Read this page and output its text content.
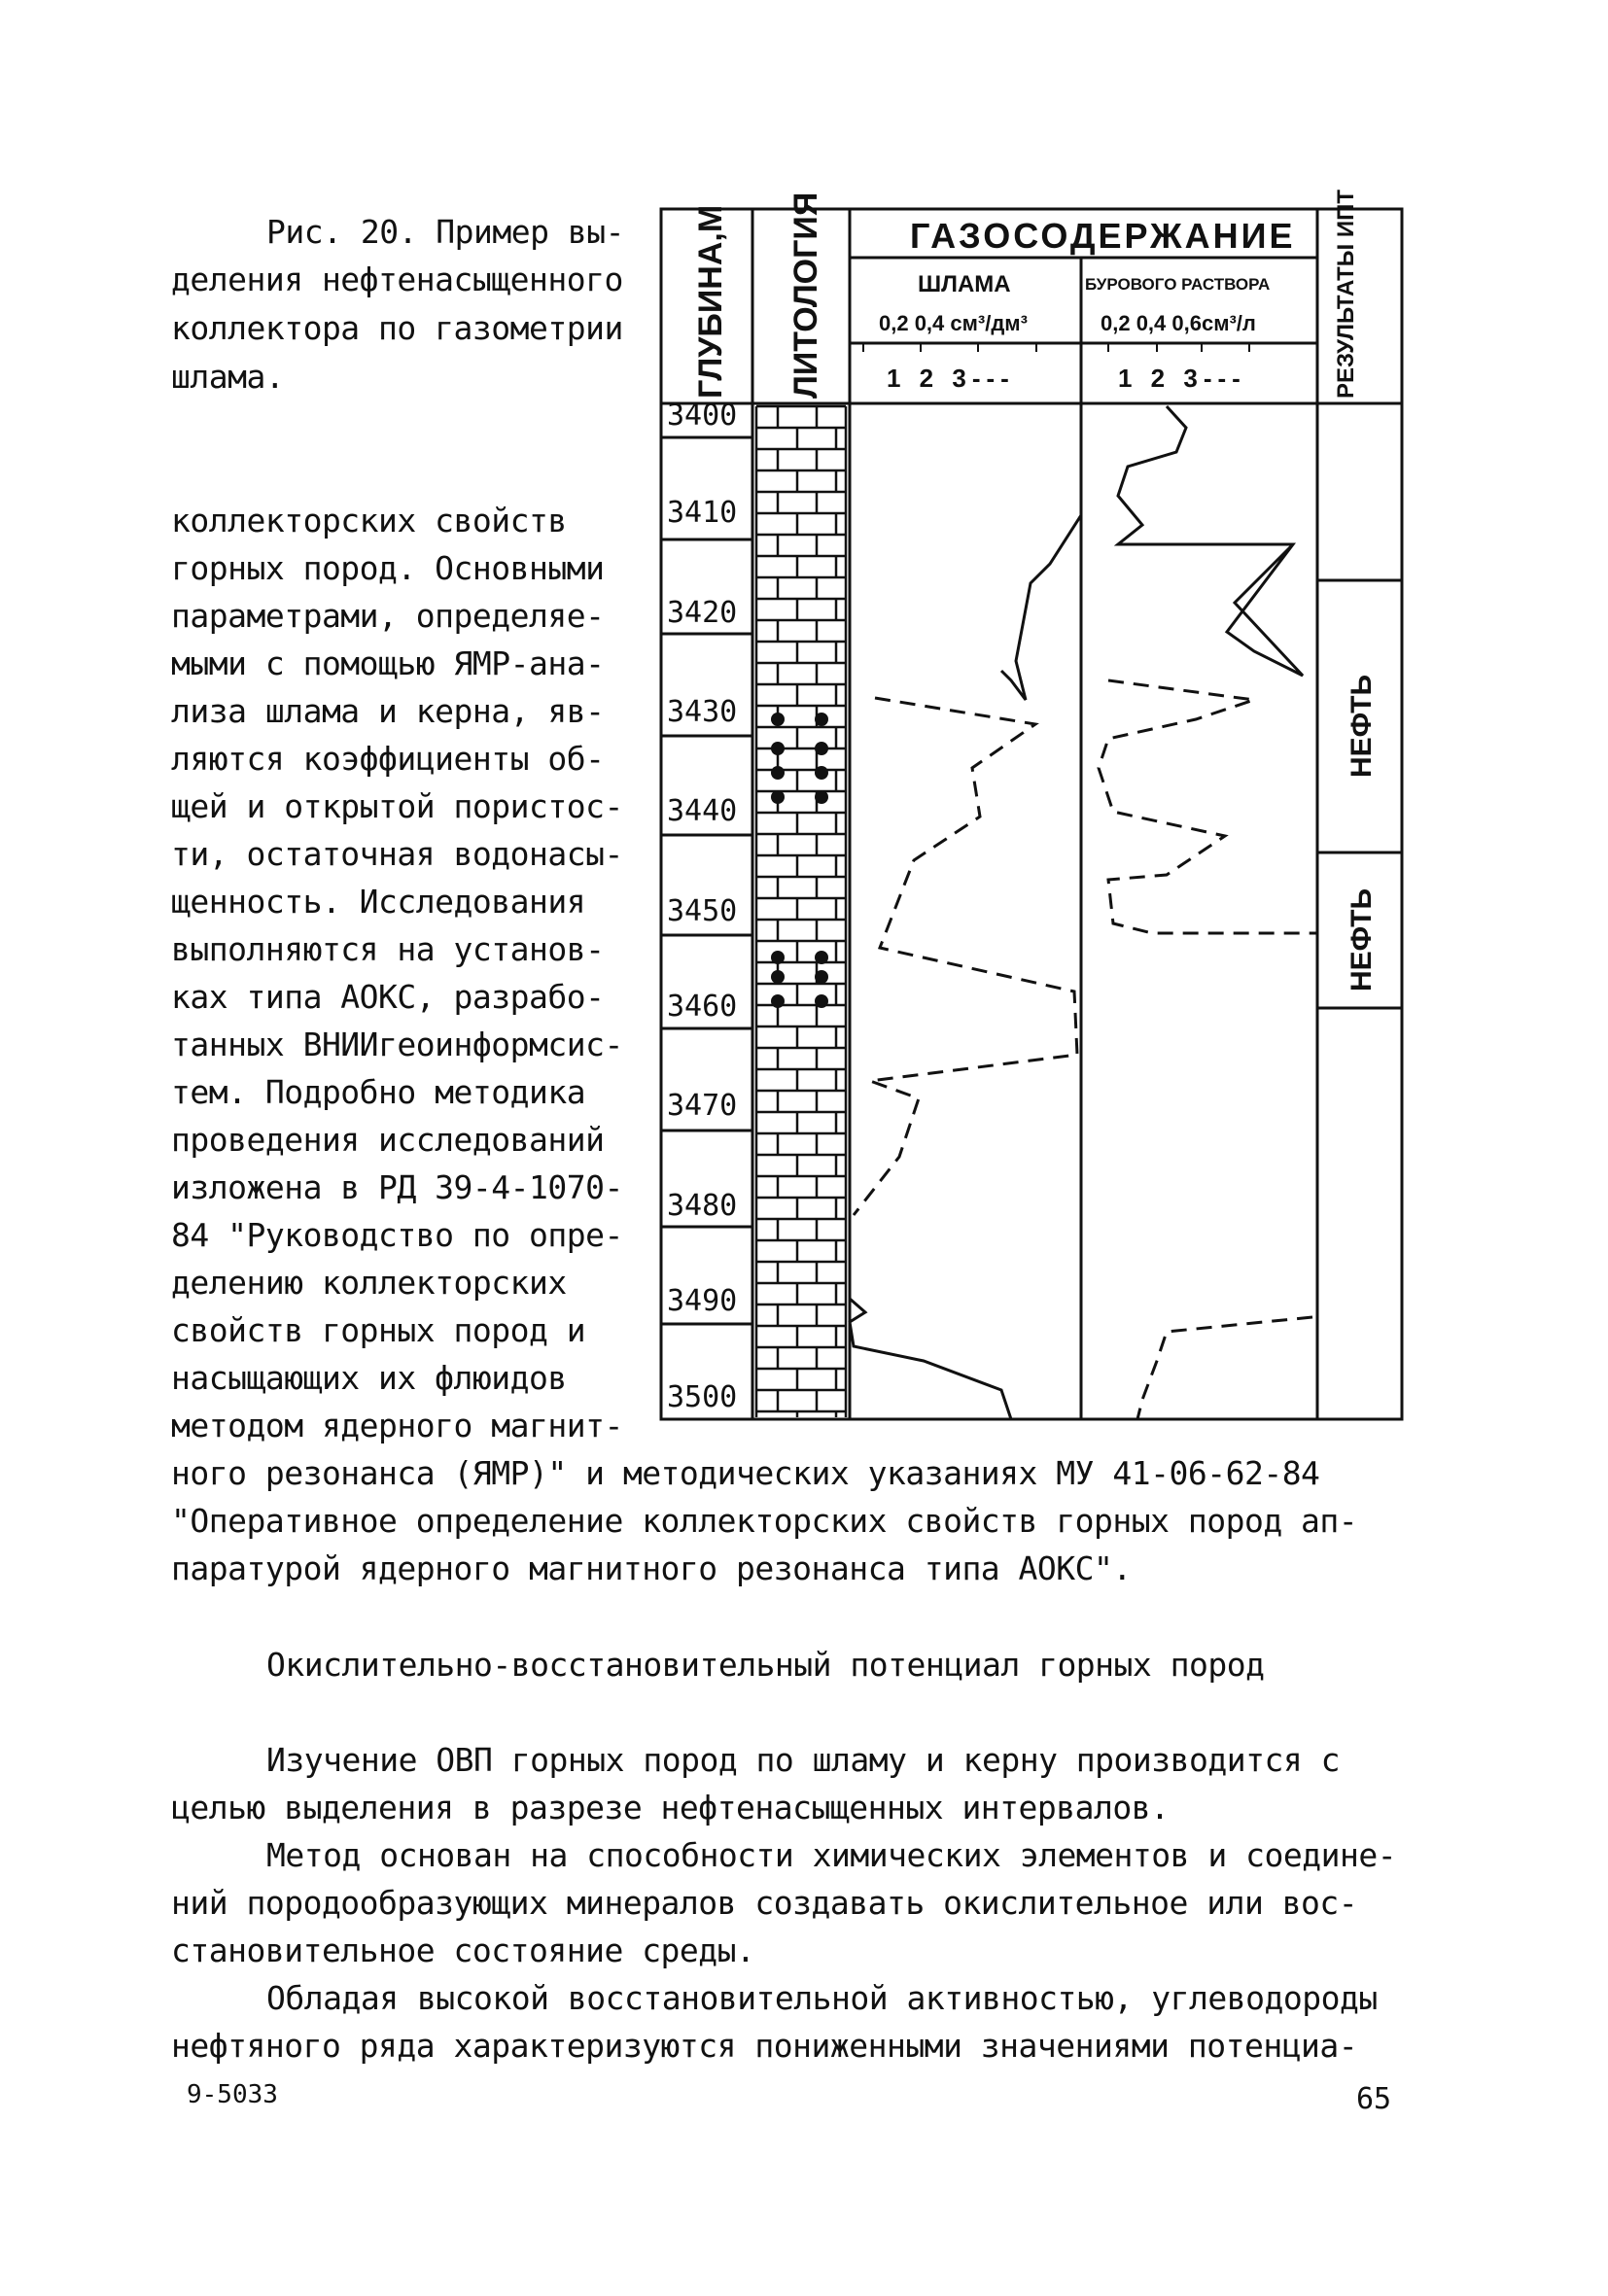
Рис. 20. Пример вы-
деления нефтенасыщенного
коллектора по газометрии
шлама.
коллекторских свойств
горных пород. Основными
параметрами, определяе-
мыми с помощью ЯМР-ана-
лиза шлама и керна, яв-
ляются коэффициенты об-
щей и открытой пористос-
ти, остаточная водонасы-
щенность. Исследования
выполняются на установ-
ках типа АОКС, разрабо-
танных ВНИИгеоинформсис-
тем. Подробно методика
проведения исследований
изложена в РД 39-4-1070-
84 "Руководство по опре-
делению коллекторских
свойств горных пород и
насыщающих их флюидов
методом ядерного магнит-
ного резонанса (ЯМР)" и методических указаниях МУ 41-06-62-84
"Оперативное определение коллекторских свойств горных пород ап-
паратурой ядерного магнитного резонанса типа АОКС".
Окислительно-восстановительный потенциал горных пород
Изучение ОВП горных пород по шламу и керну производится с
целью выделения в разрезе нефтенасыщенных интервалов.
Метод основан на способности химических элементов и соедине-
ний породообразующих минералов создавать окислительное или вос-
становительное состояние среды.
Обладая высокой восстановительной активностью, углеводороды
нефтяного ряда характеризуются пониженными значениями потенциа-
9-5033	65
ГЛУБИНА,М ЛИТОЛОГИЯ ГАЗОСОДЕРЖАНИЕ
ШЛАМА
0,2 0,4 см³/дм³
1 2 3---
БУРОВОГО РАСТВОРА
0,2 0,4 0,6см³/л
1 2 3---	РЕЗУЛЬТАТЫ ИПТ
3400
3410
3420
3430
3440
3450
3460
3470
3480
3490
3500
НЕФТЬ
НЕФТЬ
